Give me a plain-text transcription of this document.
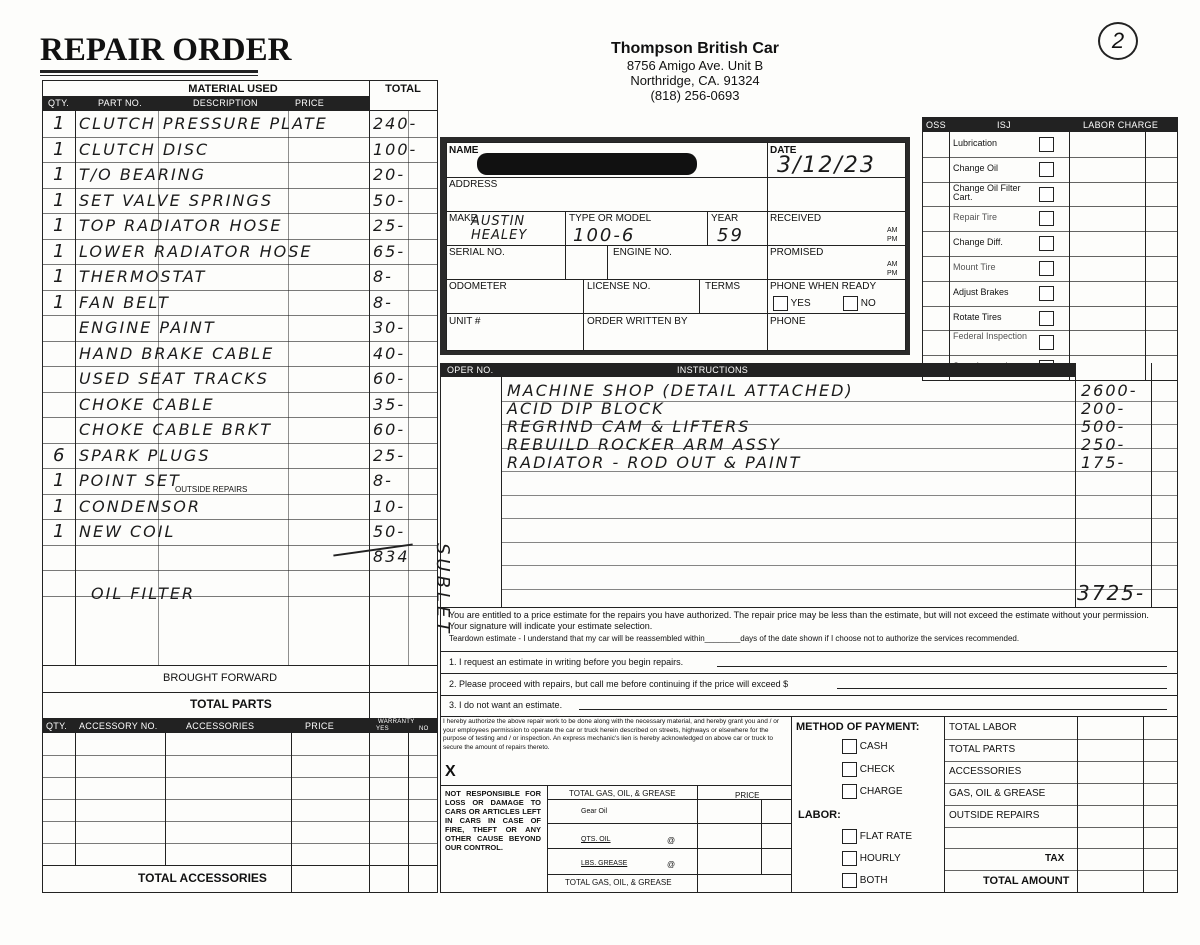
REPAIR ORDER	Thompson British Car
8756 Amigo Ave. Unit B
Northridge, CA. 91324
(818) 256-0693
2
MATERIAL USED	TOTAL
QTY.	PART NO.	DESCRIPTION	PRICE
1 CLUTCH PRESSURE PLATE	240-
1 CLUTCH DISC	100-
1 T/O BEARING	20-
1 SET VALVE SPRINGS	50-
1 TOP RADIATOR HOSE	25-
1 LOWER RADIATOR HOSE	65-
1 THERMOSTAT	8-
1 FAN BELT	8-
ENGINE PAINT	30-
HAND BRAKE CABLE	40-
USED SEAT TRACKS	60-
CHOKE CABLE	35-
CHOKE CABLE BRKT	60-
6 SPARK PLUGS	25-
1 POINT SET	8-
1 CONDENSOR	10-
1 NEW COIL	50-
834
OIL FILTER
OUTSIDE REPAIRS
BROUGHT FORWARD
TOTAL PARTS
QTY. ACCESSORY NO.	ACCESSORIES	PRICE	WARRANTY
YES	NO
TOTAL ACCESSORIES
NAME	DATE
3/12/23
ADDRESS
MAKE
AUSTIN HEALEY
TYPE OR MODEL
100-6
YEAR
59
RECEIVED
AM
PM
SERIAL NO.	ENGINE NO.	PROMISED
AM
PM
ODOMETER	LICENSE NO.	TERMS	PHONE WHEN READY
YES	NO
UNIT #	ORDER WRITTEN BY	PHONE
OSS	ISJ	LABOR CHARGE
Lubrication
Change Oil
Change Oil Filter Cart.
Repair Tire
Change Diff.
Mount Tire
Adjust Brakes
Rotate Tires
Federal Inspection
OPER NO.	INSTRUCTIONS
SUBLET
MACHINE SHOP (DETAIL ATTACHED)	2600-
ACID DIP BLOCK	200-
REGRIND CAM & LIFTERS	500-
REBUILD ROCKER ARM ASSY	250-
RADIATOR - ROD OUT & PAINT	175-
3725-
You are entitled to a price estimate for the repairs you have authorized. The repair price may be less than the estimate, but will not exceed the estimate without your permission. Your signature will indicate your estimate selection.
Teardown estimate - I understand that my car will be reassembled within________days of the date shown if I choose not to authorize the services recommended.
1. I request an estimate in writing before you begin repairs.
2. Please proceed with repairs, but call me before continuing if the price will exceed $
3. I do not want an estimate.
I hereby authorize the above repair work to be done along with the necessary material, and hereby grant you and / or your employees permission to operate the car or truck herein described on streets, highways or elsewhere for the purpose of testing and / or inspection. An express mechanic's lien is hereby acknowledged on above car or truck to secure the amount of repairs thereto.
X
NOT RESPONSIBLE FOR LOSS OR DAMAGE TO CARS OR ARTICLES LEFT IN CARS IN CASE OF FIRE, THEFT OR ANY OTHER CAUSE BEYOND OUR CONTROL.
TOTAL GAS, OIL, & GREASE	PRICE
Gear Oil
QTS. OIL	@
LBS. GREASE	@
TOTAL GAS, OIL, & GREASE
METHOD OF PAYMENT:
CASH
CHECK
CHARGE
LABOR:
FLAT RATE
HOURLY
BOTH
TOTAL LABOR
TOTAL PARTS
ACCESSORIES
GAS, OIL & GREASE
OUTSIDE REPAIRS
TAX
TOTAL AMOUNT
